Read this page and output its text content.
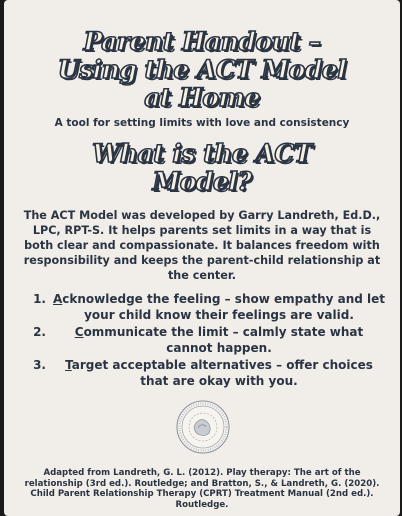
Parent Handout – Using the ACT Model at Home
A tool for setting limits with love and consistency
What is the ACT Model?

The ACT Model was developed by Garry Landreth, Ed.D., LPC, RPT-S. It helps parents set limits in a way that is both clear and compassionate. It balances freedom with responsibility and keeps the parent-child relationship at the center.

1. Acknowledge the feeling – show empathy and let your child know their feelings are valid.
2.	Communicate the limit – calmly state what cannot happen.
3.	Target acceptable alternatives – offer choices that are okay with you.
Adapted from Landreth, G. L. (2012). Play therapy: The art of the relationship (3rd ed.). Routledge; and Bratton, S., & Landreth, G. (2020). Child Parent Relationship Therapy (CPRT) Treatment Manual (2nd ed.). Routledge.
